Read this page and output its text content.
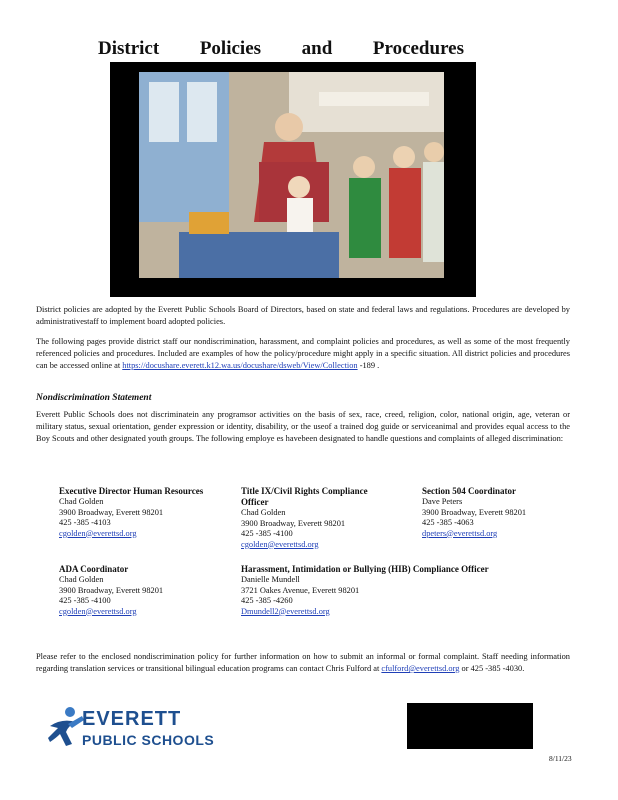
District Policies and Procedures

District policies are adopted by the Everett Public Schools Board of Directors, based on state and federal laws and regulations. Procedures are developed by administrativestaff to implement board adopted policies.

The following pages provide district staff our nondiscrimination, harassment, and complaint policies and procedures, as well as some of the most frequently referenced policies and procedures. Included are examples of how the policy/procedure might apply in a specific situation. All district policies and procedures can be accessed online at https://docushare.everett.k12.wa.us/docushare/dsweb/View/Collection -189 .

Nondiscrimination Statement

Everett Public Schools does not discriminatein any programsor activities on the basis of sex, race, creed, religion, color, national origin, age, veteran or military status, sexual orientation, gender expression or identity, disability, or the useof a trained dog guide or serviceanimal and provides equal access to the Boy Scouts and other designated youth groups. The following employe es havebeen designated to handle questions and complaints of alleged discrimination:

Executive Director Human Resources
Chad Golden
3900 Broadway, Everett 98201
425 -385 -4103
cgolden@everettsd.org
ADA Coordinator
Chad Golden
3900 Broadway, Everett 98201
425 -385 -4100
cgolden@everettsd.org
Title IX/Civil Rights Compliance Officer
Chad Golden
3900 Broadway, Everett 98201
425 -385 -4100
cgolden@everettsd.org
Harassment, Intimidation or Bullying (HIB) Compliance Officer
Danielle Mundell
3721 Oakes Avenue, Everett 98201
425 -385 -4260
Dmundell2@everettsd.org
Section 504 Coordinator
Dave Peters
3900 Broadway, Everett 98201
425 -385 -4063
dpeters@everettsd.org

Please refer to the enclosed nondiscrimination policy for further information on how to submit an informal or formal complaint. Staff needing information regarding translation services or transitional bilingual education programs can contact Chris Fulford at cfulford@everettsd.org or 425 -385 -4030.

EVERETT
PUBLIC SCHOOLS
8/11/23
